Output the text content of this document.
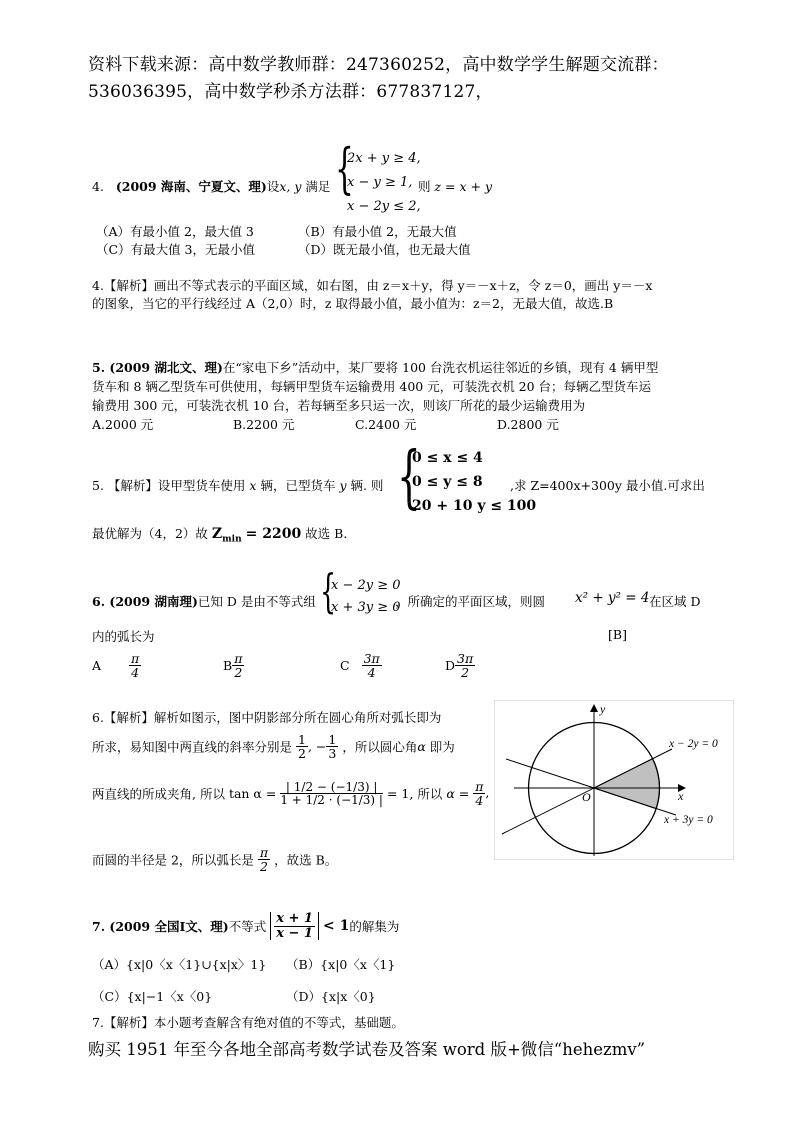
资料下载来源：高中数学教师群：247360252，高中数学学生解题交流群：
536036395，高中数学秒杀方法群：677837127，
4. (2009 海南、宁夏文、理)设x, y 满足 {
2x + y ≥ 4,
x − y ≥ 1,
x − 2y ≤ 2,
则 z = x + y
（A）有最小值 2，最大值 3	（B）有最小值 2，无最大值
（C）有最大值 3，无最小值	（D）既无最小值，也无最大值
4.【解析】画出不等式表示的平面区域，如右图，由 z＝x＋y，得 y＝－x＋z，令 z＝0，画出 y＝－x
的图象，当它的平行线经过 A（2,0）时，z 取得最小值，最小值为：z＝2，无最大值，故选.B
5. (2009 湖北文、理)在“家电下乡”活动中，某厂要将 100 台洗衣机运往邻近的乡镇，现有 4 辆甲型
货车和 8 辆乙型货车可供使用，每辆甲型货车运输费用 400 元，可装洗衣机 20 台；每辆乙型货车运
输费用 300 元，可装洗衣机 10 台，若每辆至多只运一次，则该厂所花的最少运输费用为
A.2000 元	B.2200 元	C.2400 元	D.2800 元
5. 【解析】设甲型货车使用 x 辆，已型货车 y 辆. 则 {
0 ≤ x ≤ 4
0 ≤ y ≤ 8
20 + 10 y ≤ 100
,求 Z=400x+300y 最小值.可求出
最优解为（4，2）故 $Z_{min} = 2200$ 故选 B.
6. (2009 湖南理)已知 D 是由不等式组 {
x − 2y ≥ 0
x + 3y ≥ 0
，所确定的平面区域，则圆 x² + y² = 4 在区域 D
内的弧长为	[B]
A $\frac{\pi}{4}$	B $\frac{\pi}{2}$	C $\frac{3\pi}{4}$	D $\frac{3\pi}{2}$
6.【解析】解析如图示，图中阴影部分所在圆心角所对弧长即为
所求，易知图中两直线的斜率分别是 $\frac{1}{2}$ , − $\frac{1}{3}$ ，所以圆心角α 即为
两直线的所成夹角, 所以 $\tan \alpha = \frac{| 1/2 - (-1/3) |}{1 + 1/2 \cdot (-1/3) |} = 1$, 所以 $\alpha = \frac{\pi}{4}$ ,
而圆的半径是 2，所以弧长是 $\frac{\pi}{2}$ ，故选 B。
y
x
O
x − 2y = 0
x + 3y = 0
7. (2009 全国Ⅰ文、理)不等式 $\frac{x + 1}{x - 1} < 1$的解集为
（A）{x|0〈x〈1}∪{x|x〉1} （B）{x|0〈x〈1}
（C）{x|−1〈x〈0}	（D）{x|x〈0}
7.【解析】本小题考查解含有绝对值的不等式，基础题。
购买 1951 年至今各地全部高考数学试卷及答案 word 版+微信“hehezmv”
